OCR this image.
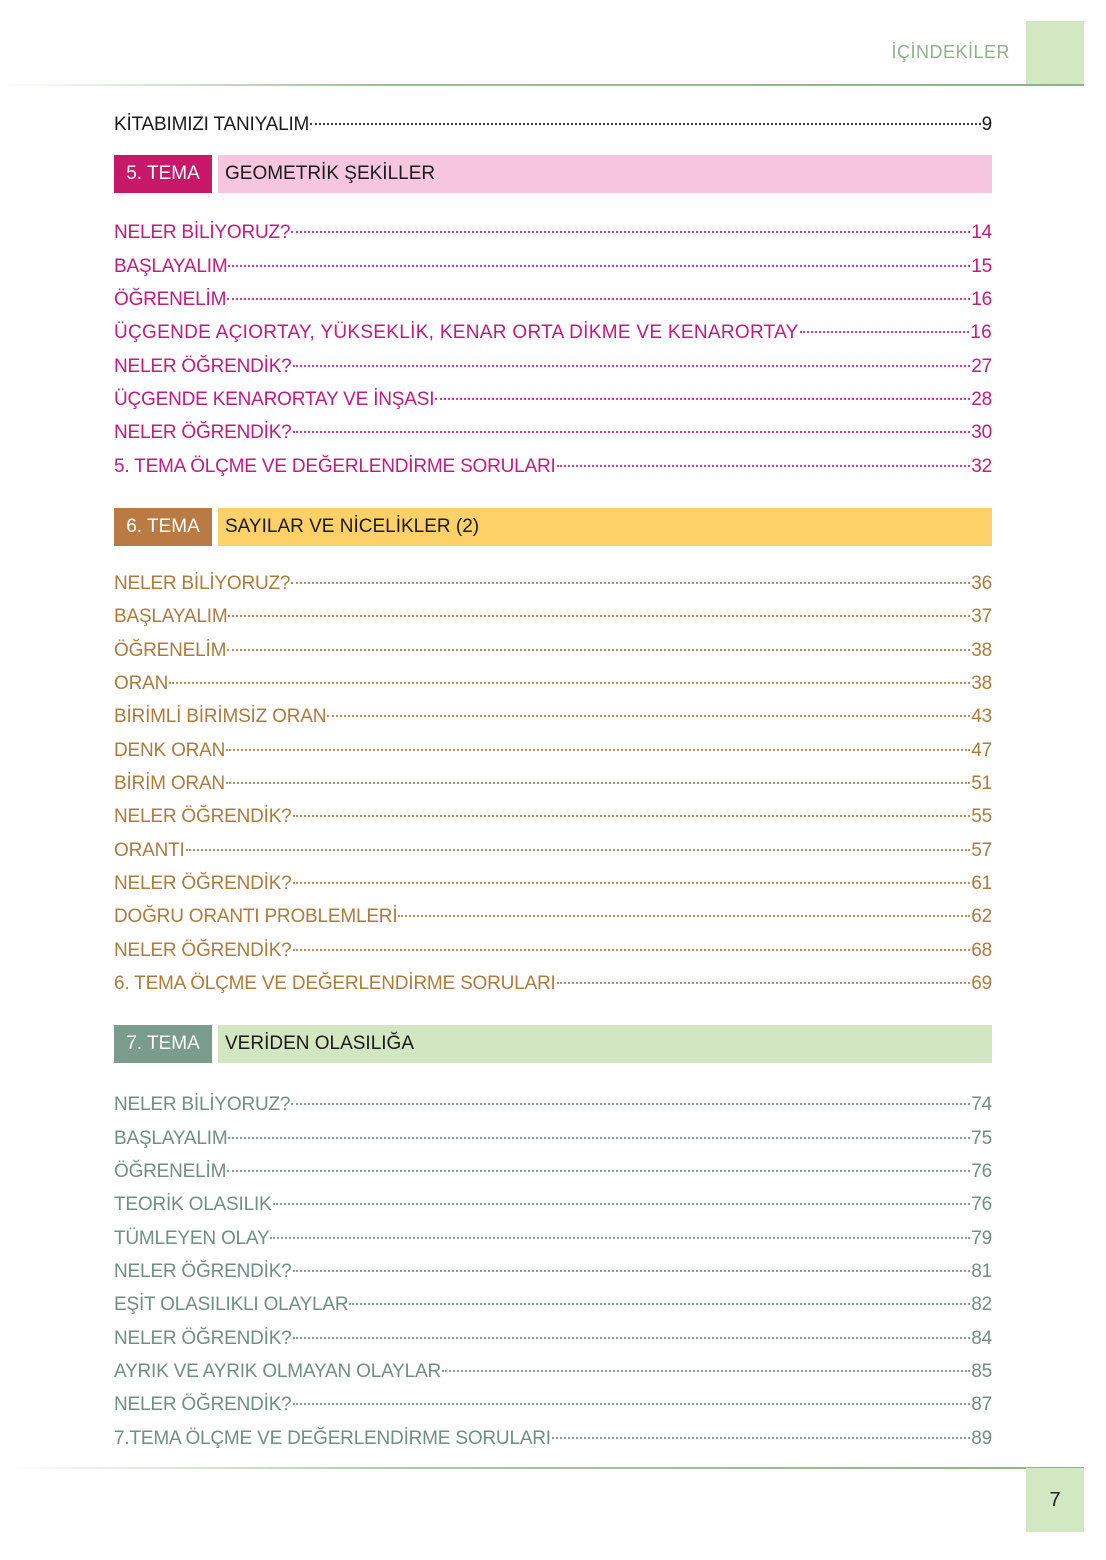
İÇİNDEKİLER
KİTABIMIZI TANIYALIM	9
5. TEMA	GEOMETRİK ŞEKİLLER
NELER BİLİYORUZ?	14
BAŞLAYALIM	15
ÖĞRENELİM	16
ÜÇGENDE AÇIORTAY, YÜKSEKLİK, KENAR ORTA DİKME VE KENARORTAY	16
NELER ÖĞRENDİK?	27
ÜÇGENDE KENARORTAY VE İNŞASI	28
NELER ÖĞRENDİK?	30
5. TEMA ÖLÇME VE DEĞERLENDİRME SORULARI	32
6. TEMA	SAYILAR VE NİCELİKLER (2)
NELER BİLİYORUZ?	36
BAŞLAYALIM	37
ÖĞRENELİM	38
ORAN	38
BİRİMLİ BİRİMSİZ ORAN	43
DENK ORAN	47
BİRİM ORAN	51
NELER ÖĞRENDİK?	55
ORANTI	57
NELER ÖĞRENDİK?	61
DOĞRU ORANTI PROBLEMLERİ	62
NELER ÖĞRENDİK?	68
6. TEMA ÖLÇME VE DEĞERLENDİRME SORULARI	69
7. TEMA	VERİDEN OLASILIĞA
NELER BİLİYORUZ?	74
BAŞLAYALIM	75
ÖĞRENELİM	76
TEORİK OLASILIK	76
TÜMLEYEN OLAY	79
NELER ÖĞRENDİK?	81
EŞİT OLASILIKLI OLAYLAR	82
NELER ÖĞRENDİK?	84
AYRIK VE AYRIK OLMAYAN OLAYLAR	85
NELER ÖĞRENDİK?	87
7.TEMA ÖLÇME VE DEĞERLENDİRME SORULARI	89
7
